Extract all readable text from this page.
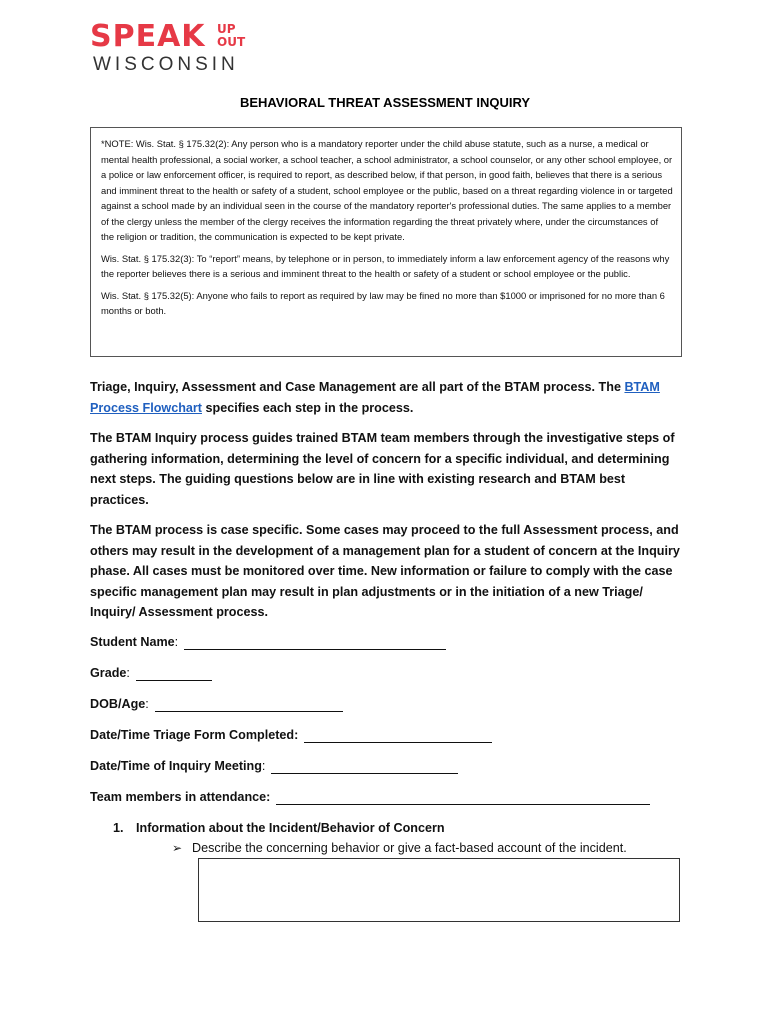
SPEAK UP
OUT
WISCONSIN
BEHAVIORAL THREAT ASSESSMENT INQUIRY

*NOTE: Wis. Stat. § 175.32(2): Any person who is a mandatory reporter under the child abuse statute, such as a nurse, a medical or mental health professional, a social worker, a school teacher, a school administrator, a school counselor, or any other school employee, or a police or law enforcement officer, is required to report, as described below, if that person, in good faith, believes that there is a serious and imminent threat to the health or safety of a student, school employee or the public, based on a threat regarding violence in or targeted against a school made by an individual seen in the course of the mandatory reporter's professional duties. The same applies to a member of the clergy unless the member of the clergy receives the information regarding the threat privately where, under the circumstances of the religion or tradition, the communication is expected to be kept private.

Wis. Stat. § 175.32(3): To “report” means, by telephone or in person, to immediately inform a law enforcement agency of the reasons why the reporter believes there is a serious and imminent threat to the health or safety of a student or school employee or the public.

Wis. Stat. § 175.32(5): Anyone who fails to report as required by law may be fined no more than $1000 or imprisoned for no more than 6 months or both.

Triage, Inquiry, Assessment and Case Management are all part of the BTAM process. The BTAM Process Flowchart specifies each step in the process.
The BTAM Inquiry process guides trained BTAM team members through the investigative steps of gathering information, determining the level of concern for a specific individual, and determining next steps. The guiding questions below are in line with existing research and BTAM best practices.
The BTAM process is case specific. Some cases may proceed to the full Assessment process, and others may result in the development of a management plan for a student of concern at the Inquiry phase. All cases must be monitored over time. New information or failure to comply with the case specific management plan may result in plan adjustments or in the initiation of a new Triage/ Inquiry/ Assessment process.
Student Name :
Grade :
DOB/Age :
Date/Time Triage Form Completed:
Date/Time of Inquiry Meeting :
Team members in attendance:
1. Information about the Incident/Behavior of Concern
➢ Describe the concerning behavior or give a fact-based account of the incident.
